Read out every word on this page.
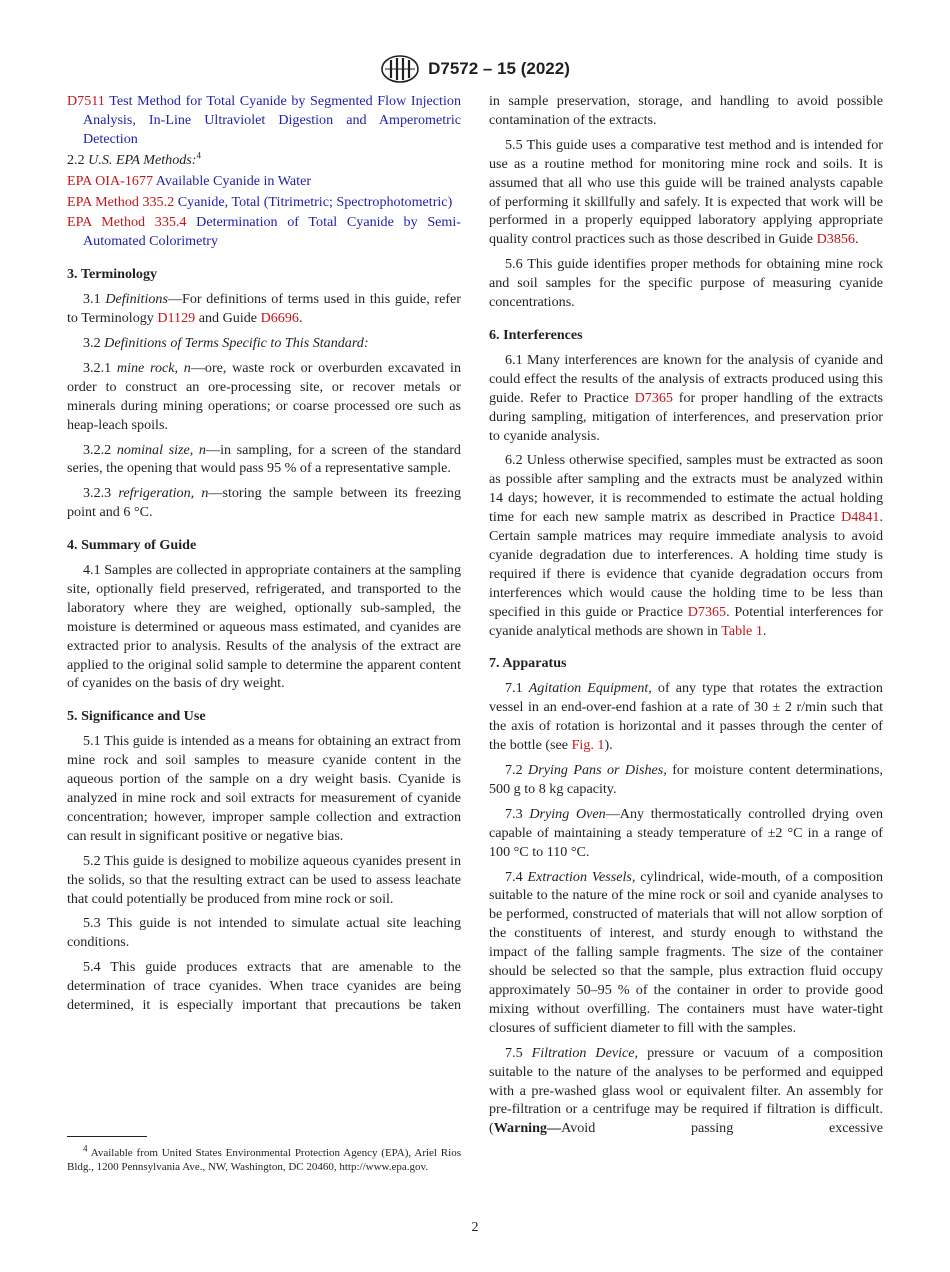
D7572 – 15 (2022)

D7511 Test Method for Total Cyanide by Segmented Flow Injection Analysis, In-Line Ultraviolet Digestion and Amperometric Detection

2.2 U.S. EPA Methods:$^4$

EPA OIA-1677 Available Cyanide in Water

EPA Method 335.2 Cyanide, Total (Titrimetric; Spectrophotometric)

EPA Method 335.4 Determination of Total Cyanide by Semi-Automated Colorimetry

3. Terminology

3.1 Definitions—For definitions of terms used in this guide, refer to Terminology D1129 and Guide D6696.

3.2 Definitions of Terms Specific to This Standard:

3.2.1 mine rock, n—ore, waste rock or overburden excavated in order to construct an ore-processing site, or recover metals or minerals during mining operations; or coarse processed ore such as heap-leach spoils.

3.2.2 nominal size, n—in sampling, for a screen of the standard series, the opening that would pass 95 % of a representative sample.

3.2.3 refrigeration, n—storing the sample between its freezing point and 6 °C.

4. Summary of Guide

4.1 Samples are collected in appropriate containers at the sampling site, optionally field preserved, refrigerated, and transported to the laboratory where they are weighed, optionally sub-sampled, the moisture is determined or aqueous mass estimated, and cyanides are extracted prior to analysis. Results of the analysis of the extract are applied to the original solid sample to determine the apparent content of cyanides on the basis of dry weight.

5. Significance and Use

5.1 This guide is intended as a means for obtaining an extract from mine rock and soil samples to measure cyanide content in the aqueous portion of the sample on a dry weight basis. Cyanide is analyzed in mine rock and soil extracts for measurement of cyanide concentration; however, improper sample collection and extraction can result in significant positive or negative bias.

5.2 This guide is designed to mobilize aqueous cyanides present in the solids, so that the resulting extract can be used to assess leachate that could potentially be produced from mine rock or soil.

5.3 This guide is not intended to simulate actual site leaching conditions.

5.4 This guide produces extracts that are amenable to the determination of trace cyanides. When trace cyanides are being determined, it is especially important that precautions be taken

in sample preservation, storage, and handling to avoid possible contamination of the extracts.

5.5 This guide uses a comparative test method and is intended for use as a routine method for monitoring mine rock and soils. It is assumed that all who use this guide will be trained analysts capable of performing it skillfully and safely. It is expected that work will be performed in a properly equipped laboratory applying appropriate quality control practices such as those described in Guide D3856.

5.6 This guide identifies proper methods for obtaining mine rock and soil samples for the specific purpose of measuring cyanide concentrations.

6. Interferences

6.1 Many interferences are known for the analysis of cyanide and could effect the results of the analysis of extracts produced using this guide. Refer to Practice D7365 for proper handling of the extracts during sampling, mitigation of interferences, and preservation prior to cyanide analysis.

6.2 Unless otherwise specified, samples must be extracted as soon as possible after sampling and the extracts must be analyzed within 14 days; however, it is recommended to estimate the actual holding time for each new sample matrix as described in Practice D4841. Certain sample matrices may require immediate analysis to avoid cyanide degradation due to interferences. A holding time study is required if there is evidence that cyanide degradation occurs from interferences which would cause the holding time to be less than specified in this guide or Practice D7365. Potential interferences for cyanide analytical methods are shown in Table 1.

7. Apparatus

7.1 Agitation Equipment, of any type that rotates the extraction vessel in an end-over-end fashion at a rate of 30 ± 2 r/min such that the axis of rotation is horizontal and it passes through the center of the bottle (see Fig. 1).

7.2 Drying Pans or Dishes, for moisture content determinations, 500 g to 8 kg capacity.

7.3 Drying Oven—Any thermostatically controlled drying oven capable of maintaining a steady temperature of ±2 °C in a range of 100 °C to 110 °C.

7.4 Extraction Vessels, cylindrical, wide-mouth, of a composition suitable to the nature of the mine rock or soil and cyanide analyses to be performed, constructed of materials that will not allow sorption of the constituents of interest, and sturdy enough to withstand the impact of the falling sample fragments. The size of the container should be selected so that the sample, plus extraction fluid occupy approximately 50–95 % of the container in order to provide good mixing without overfilling. The containers must have water-tight closures of sufficient diameter to fill with the samples.

7.5 Filtration Device, pressure or vacuum of a composition suitable to the nature of the analyses to be performed and equipped with a pre-washed glass wool or equivalent filter. An assembly for pre-filtration or a centrifuge may be required if filtration is difficult. (Warning—Avoid passing excessive

$^4$ Available from United States Environmental Protection Agency (EPA), Ariel Rios Bldg., 1200 Pennsylvania Ave., NW, Washington, DC 20460, http://www.epa.gov.
2
